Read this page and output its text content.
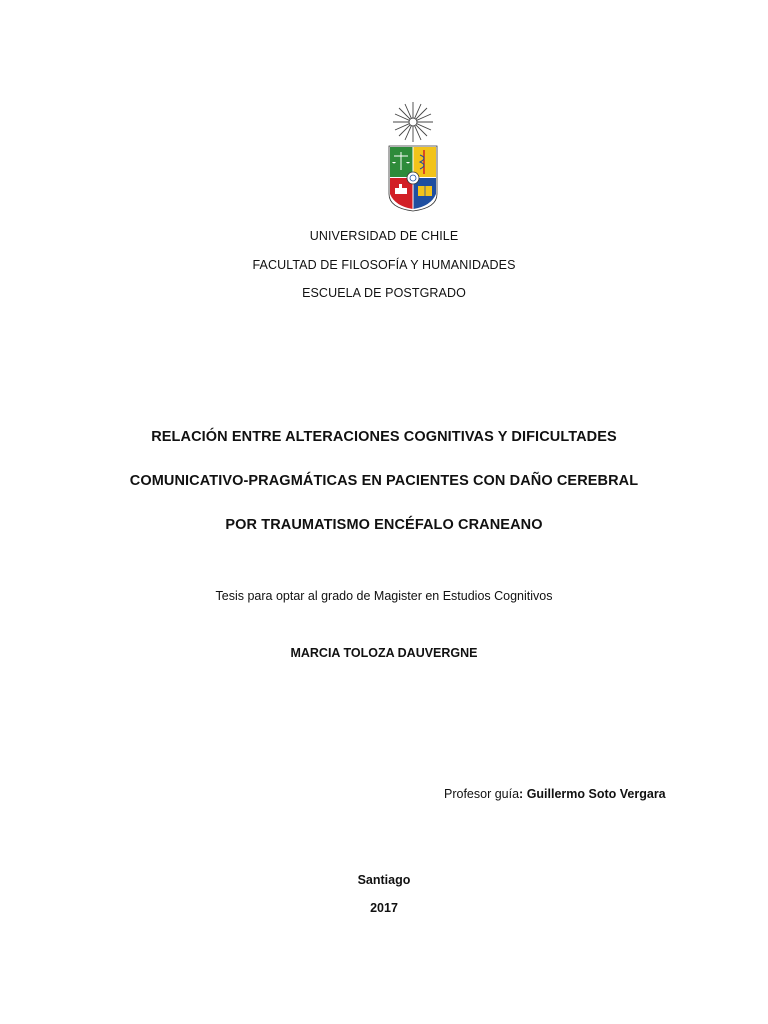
UNIVERSIDAD DE CHILE
FACULTAD DE FILOSOFÍA Y HUMANIDADES
ESCUELA DE POSTGRADO
RELACIÓN ENTRE ALTERACIONES COGNITIVAS Y DIFICULTADES
COMUNICATIVO-PRAGMÁTICAS EN PACIENTES CON DAÑO CEREBRAL
POR TRAUMATISMO ENCÉFALO CRANEANO
Tesis para optar al grado de Magister en Estudios Cognitivos
MARCIA TOLOZA DAUVERGNE
Profesor guía: Guillermo Soto Vergara
Santiago
2017
